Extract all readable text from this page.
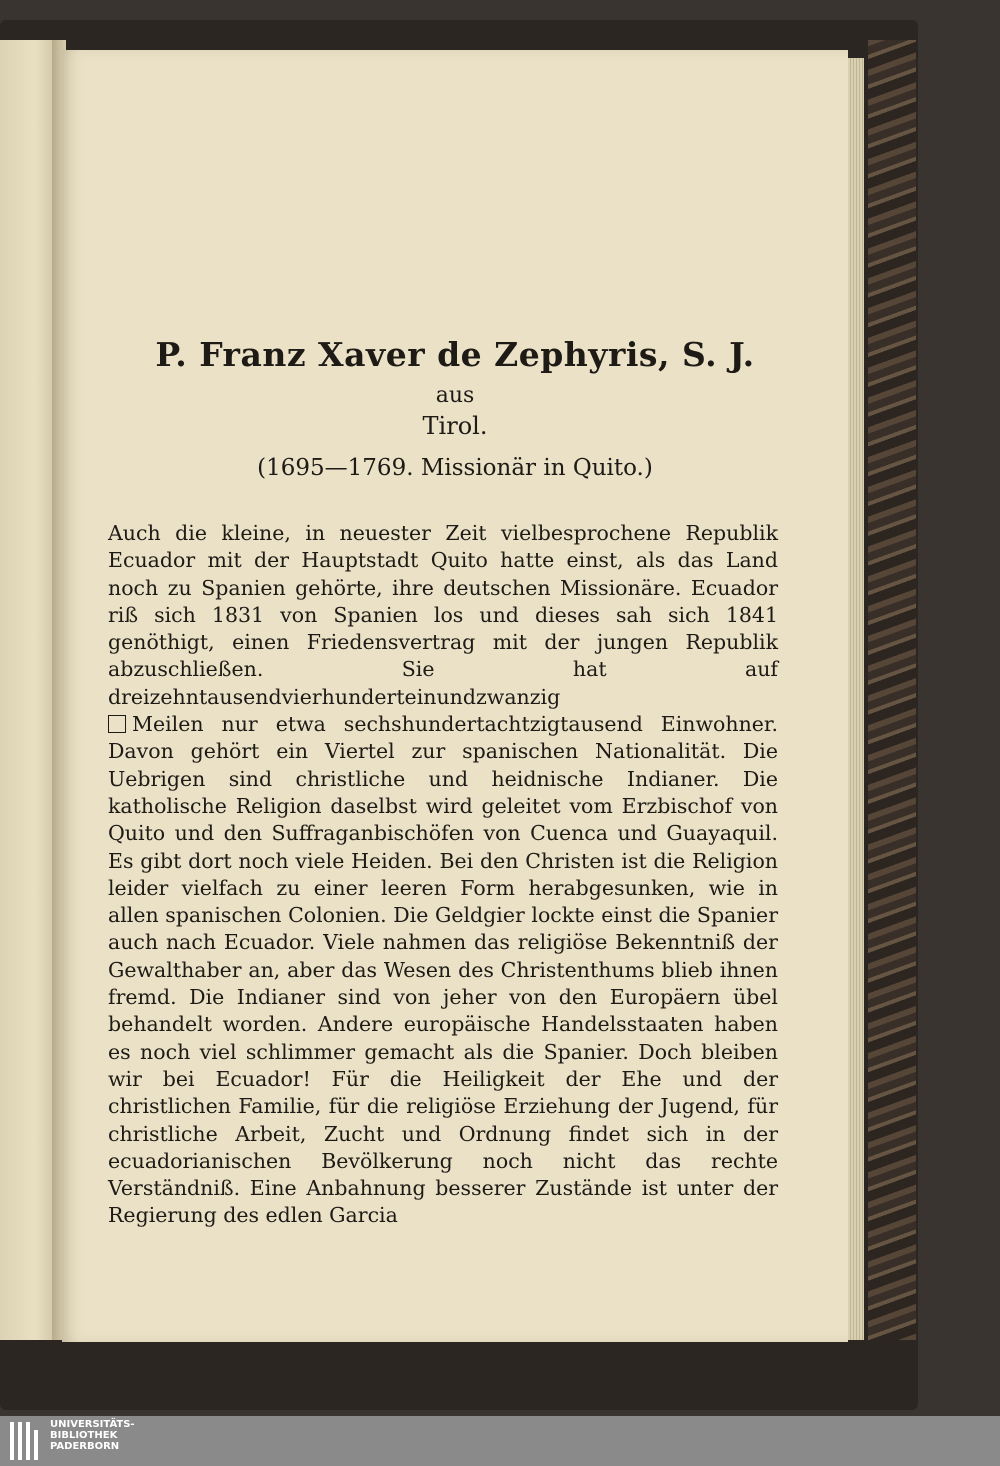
P. Franz Xaver de Zephyris, S. J.

aus

Tirol.

(1695—1769. Missionär in Quito.)

Auch die kleine, in neuester Zeit vielbesprochene Republik Ecuador mit der Hauptstadt Quito hatte einst, als das Land noch zu Spanien gehörte, ihre deutschen Missionäre. Ecuador riß sich 1831 von Spanien los und dieses sah sich 1841 genöthigt, einen Friedensvertrag mit der jungen Republik abzuschließen. Sie hat auf dreizehntausendvierhunderteinundzwanzig
Meilen nur etwa sechshundertachtzigtausend Einwohner. Davon gehört ein Viertel zur spanischen Nationalität. Die Uebrigen sind christliche und heidnische Indianer. Die katholische Religion daselbst wird geleitet vom Erzbischof von Quito und den Suffraganbischöfen von Cuenca und Guayaquil. Es gibt dort noch viele Heiden. Bei den Christen ist die Religion leider vielfach zu einer leeren Form herabgesunken, wie in allen spanischen Colonien. Die Geldgier lockte einst die Spanier auch nach Ecuador. Viele nahmen das religiöse Bekenntniß der Gewalthaber an, aber das Wesen des Christenthums blieb ihnen fremd. Die Indianer sind von jeher von den Europäern übel behandelt worden. Andere europäische Handelsstaaten haben es noch viel schlimmer gemacht als die Spanier. Doch bleiben wir bei Ecuador! Für die Heiligkeit der Ehe und der christlichen Familie, für die religiöse Erziehung der Jugend, für christliche Arbeit, Zucht und Ordnung findet sich in der ecuadorianischen Bevölkerung noch nicht das rechte Verständniß. Eine Anbahnung besserer Zustände ist unter der Regierung des edlen Garcia

UNIVERSITÄTS-
BIBLIOTHEK
PADERBORN
